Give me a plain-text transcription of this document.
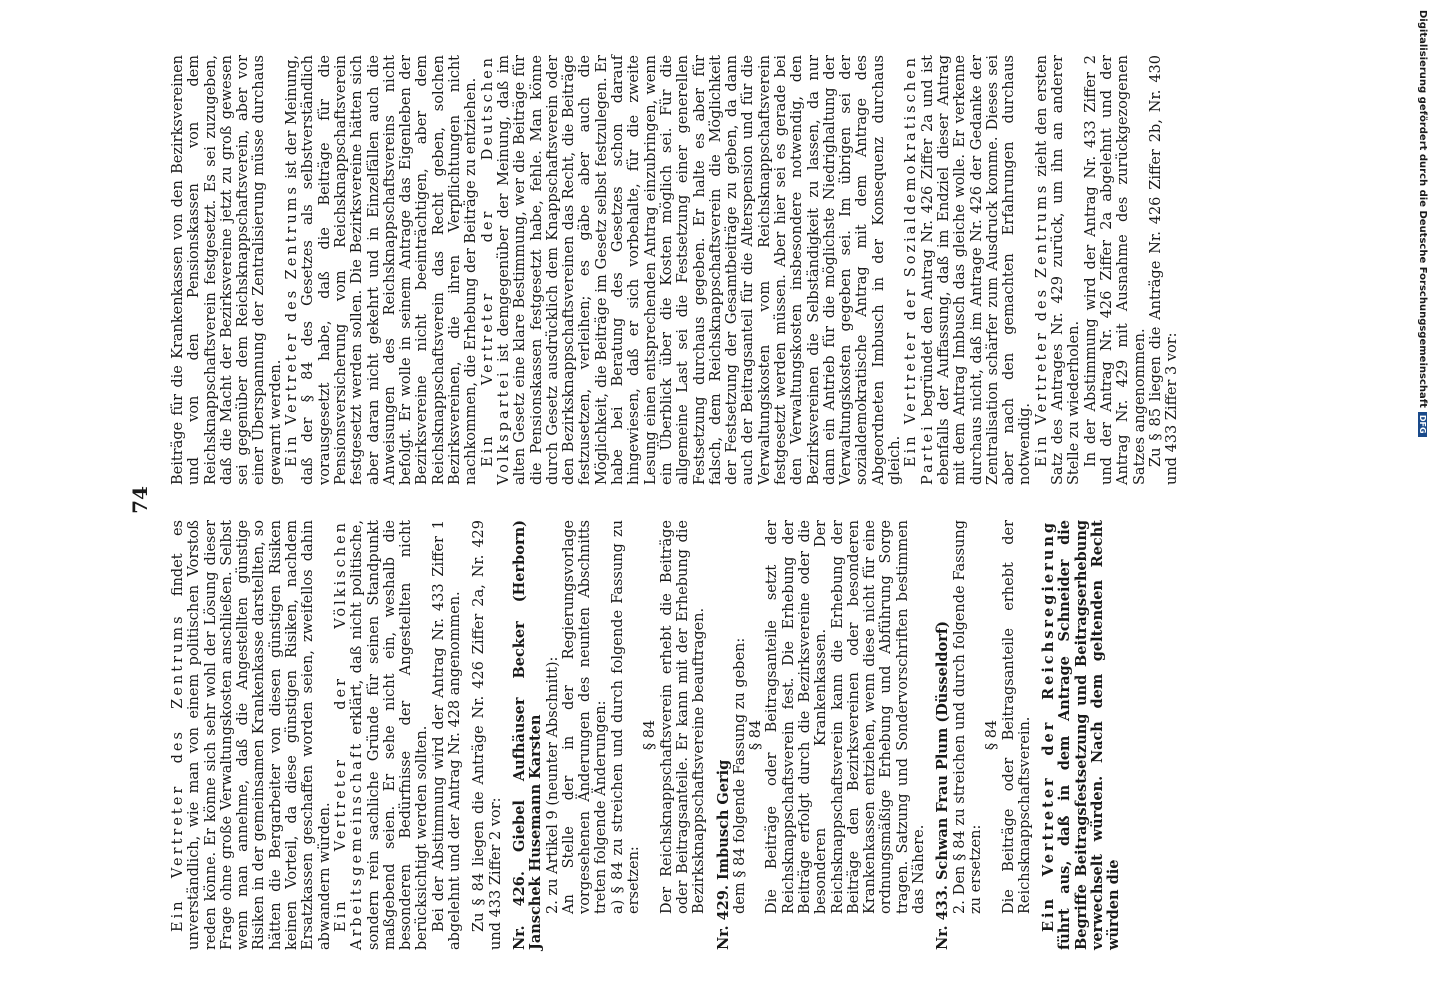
Digitalisierung gefördert durch die Deutsche Forschungsgemeinschaft
DFG
74

Ein Vertreter des Zentrums findet es unverständlich, wie man von einem politischen Vorstoß reden könne. Er könne sich sehr wohl der Lösung dieser Frage ohne große Verwaltungskosten anschließen. Selbst wenn man annehme, daß die Angestellten günstige Risiken in der gemeinsamen Krankenkasse darstellten, so hätten die Bergarbeiter von diesen günstigen Risiken keinen Vorteil, da diese günstigen Risiken, nachdem Ersatzkassen geschaffen worden seien, zweifellos dahin abwandern würden. Ein Vertreter der Völkischen Arbeitsgemeinschaft erklärt, daß nicht politische, sondern rein sachliche Gründe für seinen Standpunkt maßgebend seien. Er sehe nicht ein, weshalb die besonderen Bedürfnisse der Angestellten nicht berücksichtigt werden sollten. Bei der Abstimmung wird der Antrag Nr. 433 Ziffer 1 abgelehnt und der Antrag Nr. 428 angenommen. Zu § 84 liegen die Anträge Nr. 426 Ziffer 2a, Nr. 429 und 433 Ziffer 2 vor: Nr. 426. Giebel Aufhäuser Becker (Herborn) Janschek Husemann Karsten 2. zu Artikel 9 (neunter Abschnitt): An Stelle der in der Regierungsvorlage vorgesehenen Änderungen des neunten Abschnitts treten folgende Änderungen: a) § 84 zu streichen und durch folgende Fassung zu ersetzen:

§ 84 Der Reichsknappschaftsverein erhebt die Beiträge oder Beitragsanteile. Er kann mit der Erhebung die Bezirksknappschaftsvereine beauftragen. Nr. 429. Imbusch Gerig dem § 84 folgende Fassung zu geben: § 84 Die Beiträge oder Beitragsanteile setzt der Reichsknappschaftsverein fest. Die Erhebung der Beiträge erfolgt durch die Bezirksvereine oder die besonderen Krankenkassen. Der Reichsknappschaftsverein kann die Erhebung der Beiträge den Bezirksvereinen oder besonderen Krankenkassen entziehen, wenn diese nicht für eine ordnungsmäßige Erhebung und Abführung Sorge tragen. Satzung und Sondervorschriften bestimmen das Nähere. Nr. 433. Schwan Frau Plum (Düsseldorf) 2. Den § 84 zu streichen und durch folgende Fassung zu ersetzen:

§ 84 Die Beiträge oder Beitragsanteile erhebt der Reichsknappschaftsverein. Ein Vertreter der Reichsregierung führt aus, daß in dem Antrage Schneider die Begriffe Beitragsfestsetzung und Beitragserhebung verwechselt würden. Nach dem geltenden Recht würden die

Beiträge für die Krankenkassen von den Bezirksvereinen und von den Pensionskassen von dem Reichsknappschaftsverein festgesetzt. Es sei zuzugeben, daß die Macht der Bezirksvereine jetzt zu groß gewesen sei gegenüber dem Reichsknappschaftsverein, aber vor einer Überspannung der Zentralisierung müsse durchaus gewarnt werden. Ein Vertreter des Zentrums ist der Meinung, daß der § 84 des Gesetzes als selbstverständlich vorausgesetzt habe, daß die Beiträge für die Pensionsversicherung vom Reichsknappschaftsverein festgesetzt werden sollen. Die Bezirksvereine hätten sich aber daran nicht gekehrt und in Einzelfällen auch die Anweisungen des Reichsknappschaftsvereins nicht befolgt. Er wolle in seinem Antrage das Eigenleben der Bezirksvereine nicht beeinträchtigen, aber dem Reichsknappschaftsverein das Recht geben, solchen Bezirksvereinen, die ihren Verpflichtungen nicht nachkommen, die Erhebung der Beiträge zu entziehen. Ein Vertreter der Deutschen Volkspartei ist demgegenüber der Meinung, daß im alten Gesetz eine klare Bestimmung, wer die Beiträge für die Pensionskassen festgesetzt habe, fehle. Man könne durch Gesetz ausdrücklich dem Knappschaftsverein oder den Bezirksknappschaftsvereinen das Recht, die Beiträge festzusetzen, verleihen; es gäbe aber auch die Möglichkeit, die Beiträge im Gesetz selbst festzulegen. Er habe bei Beratung des Gesetzes schon darauf hingewiesen, daß er sich vorbehalte, für die zweite Lesung einen entsprechenden Antrag einzubringen, wenn ein Überblick über die Kosten möglich sei. Für die allgemeine Last sei die Festsetzung einer generellen Festsetzung durchaus gegeben. Er halte es aber für falsch, dem Reichsknappschaftsverein die Möglichkeit der Festsetzung der Gesamtbeiträge zu geben, da dann auch der Beitragsanteil für die Alterspension und für die Verwaltungskosten vom Reichsknappschaftsverein festgesetzt werden müssen. Aber hier sei es gerade bei den Verwaltungskosten insbesondere notwendig, den Bezirksvereinen die Selbständigkeit zu lassen, da nur dann ein Antrieb für die möglichste Niedrighaltung der Verwaltungskosten gegeben sei. Im übrigen sei der sozialdemokratische Antrag mit dem Antrage des Abgeordneten Imbusch in der Konsequenz durchaus gleich. Ein Vertreter der Sozialdemokratischen Partei begründet den Antrag Nr. 426 Ziffer 2a und ist ebenfalls der Auffassung, daß im Endziel dieser Antrag mit dem Antrag Imbusch das gleiche wolle. Er verkenne durchaus nicht, daß im Antrage Nr. 426 der Gedanke der Zentralisation schärfer zum Ausdruck komme. Dieses sei aber nach den gemachten Erfahrungen durchaus notwendig. Ein Vertreter des Zentrums zieht den ersten Satz des Antrages Nr. 429 zurück, um ihn an anderer Stelle zu wiederholen. In der Abstimmung wird der Antrag Nr. 433 Ziffer 2 und der Antrag Nr. 426 Ziffer 2a abgelehnt und der Antrag Nr. 429 mit Ausnahme des zurückgezogenen Satzes angenommen. Zu § 85 liegen die Anträge Nr. 426 Ziffer 2b, Nr. 430 und 433 Ziffer 3 vor:
